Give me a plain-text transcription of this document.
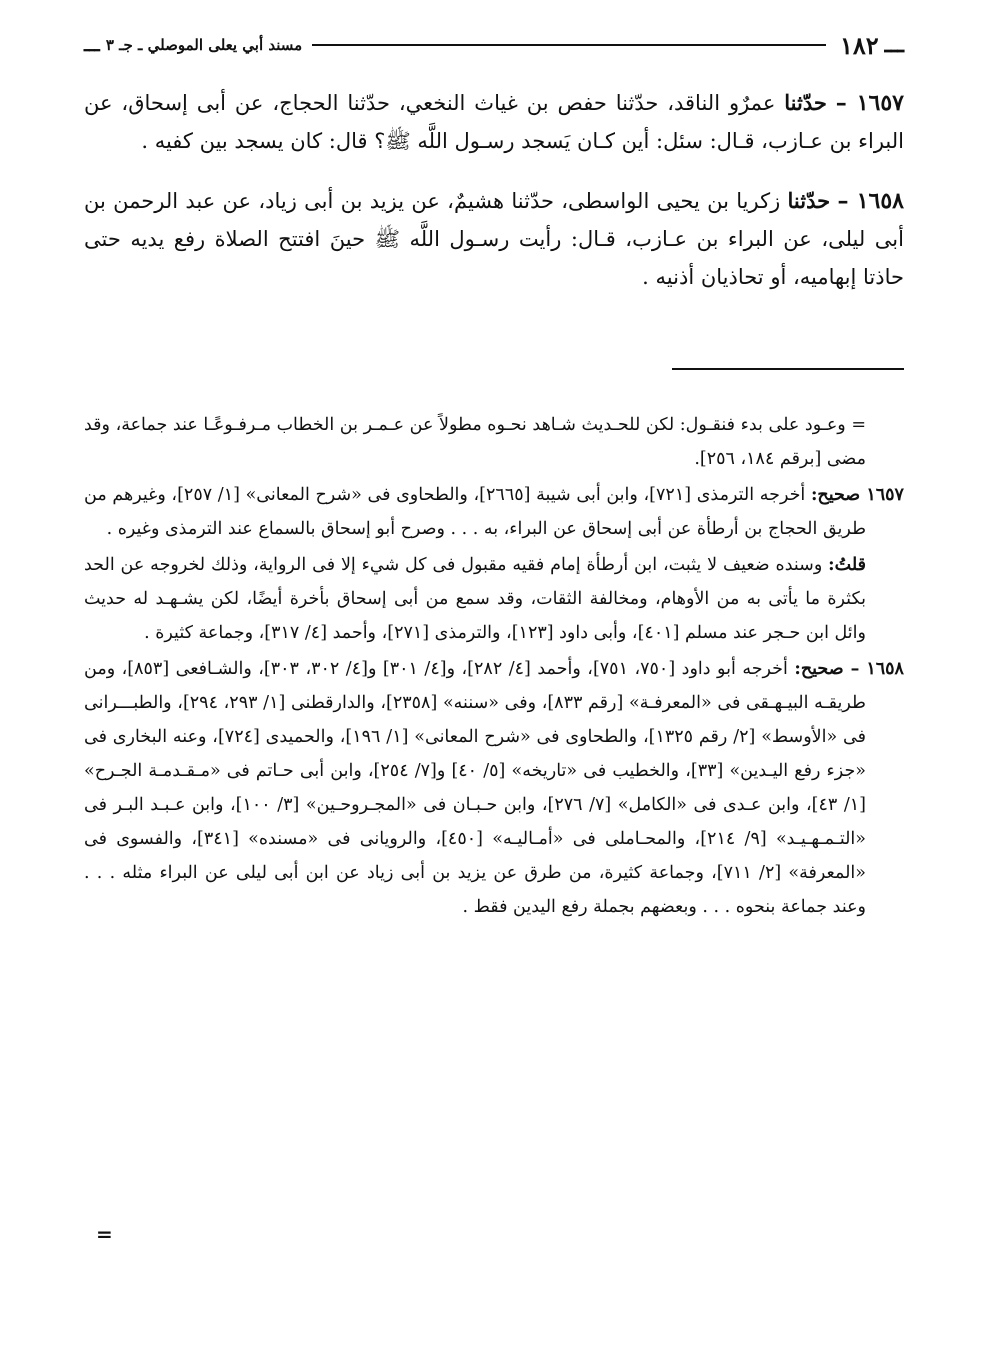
ـــ
١٨٢
مسند أبي يعلى الموصلي ـ جـ ٣
ـــ

١٦٥٧ – حدّثنا عمرٌو الناقد، حدّثنا حفص بن غياث النخعي، حدّثنا الحجاج، عن أبى إسحاق، عن البراء بن عـازب، قـال: سئل: أين كـان يَسجد رسـول اللَّه ﷺ؟ قال: كان يسجد بين كفيه .

١٦٥٨ – حدّثنا زكريا بن يحيى الواسطى، حدّثنا هشيمٌ، عن يزيد بن أبى زياد، عن عبد الرحمن بن أبى ليلى، عن البراء بن عـازب، قـال: رأيت رسـول اللَّه ﷺ حينَ افتتح الصلاة رفع يديه حتى حاذتا إبهاميه، أو تحاذيان أذنيه .

= وعـود على بدء فنقـول: لكن للحـديث شـاهد نحـوه مطولاً عن عـمـر بن الخطاب مـرفـوعًـا عند جماعة، وقد مضى [برقم ١٨٤، ٢٥٦].

١٦٥٧ صحيح: أخرجه الترمذى [٧٢١]، وابن أبى شيبة [٢٦٦٥]، والطحاوى فى «شرح المعانى» [١/ ٢٥٧]، وغيرهم من طريق الحجاج بن أرطأة عن أبى إسحاق عن البراء، به . . . وصرح أبو إسحاق بالسماع عند الترمذى وغيره .

قلتُ: وسنده ضعيف لا يثبت، ابن أرطأة إمام فقيه مقبول فى كل شيء إلا فى الرواية، وذلك لخروجه عن الحد بكثرة ما يأتى به من الأوهام، ومخالفة الثقات، وقد سمع من أبى إسحاق بأخرة أيضًا، لكن يشـهـد له حديث وائل ابن حـجر عند مسلم [٤٠١]، وأبى داود [١٢٣]، والترمذى [٢٧١]، وأحمد [٤/ ٣١٧]، وجماعة كثيرة .

١٦٥٨ – صحيح: أخرجه أبو داود [٧٥٠، ٧٥١]، وأحمد [٤/ ٢٨٢]، و[٤/ ٣٠١] و[٤/ ٣٠٢، ٣٠٣]، والشـافعى [٨٥٣]، ومن طريقـه البيـهـقى فى «المعرفـة» [رقم ٨٣٣]، وفى «سننه» [٢٣٥٨]، والدارقطنى [١/ ٢٩٣، ٢٩٤]، والطبـــرانى فى «الأوسط» [٢/ رقم ١٣٢٥]، والطحاوى فى «شرح المعانى» [١/ ١٩٦]، والحميدى [٧٢٤]، وعنه البخارى فى «جزء رفع اليـدين» [٣٣]، والخطيب فى «تاريخه» [٥/ ٤٠] و[٧/ ٢٥٤]، وابن أبى حـاتم فى «مـقـدمـة الجـرح» [١/ ٤٣]، وابن عـدى فى «الكامل» [٧/ ٢٧٦]، وابن حـبـان فى «المجـروحـين» [٣/ ١٠٠]، وابن عـبـد البـر فى «التـمـهـيـد» [٩/ ٢١٤]، والمحـاملى فى «أمـاليـه» [٤٥٠]، والرويانى فى «مسنده» [٣٤١]، والفسوى فى «المعرفة» [٢/ ٧١١]، وجماعة كثيرة، من طرق عن يزيد بن أبى زياد عن ابن أبى ليلى عن البراء مثله . . . وعند جماعة بنحوه . . . وبعضهم بجملة رفع اليدين فقط .

=
